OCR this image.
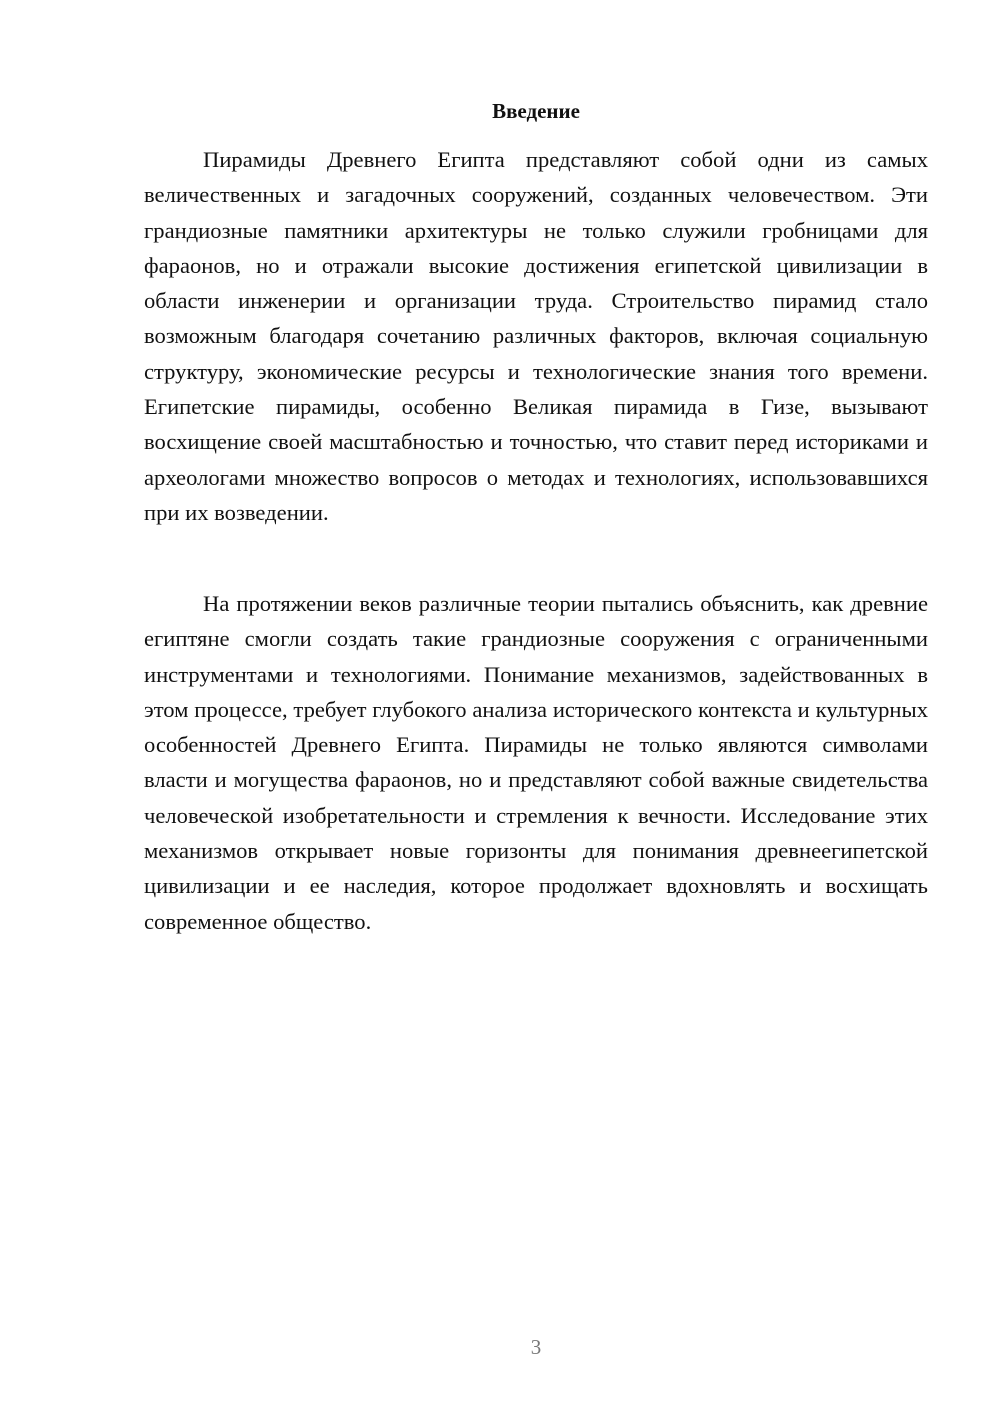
Введение

Пирамиды Древнего Египта представляют собой одни из самых величественных и загадочных сооружений, созданных человечеством. Эти грандиозные памятники архитектуры не только служили гробницами для фараонов, но и отражали высокие достижения египетской цивилизации в области инженерии и организации труда. Строительство пирамид стало возможным благодаря сочетанию различных факторов, включая социальную структуру, экономические ресурсы и технологические знания того времени. Египетские пирамиды, особенно Великая пирамида в Гизе, вызывают восхищение своей масштабностью и точностью, что ставит перед историками и археологами множество вопросов о методах и технологиях, использовавшихся при их возведении.

На протяжении веков различные теории пытались объяснить, как древние египтяне смогли создать такие грандиозные сооружения с ограниченными инструментами и технологиями. Понимание механизмов, задействованных в этом процессе, требует глубокого анализа исторического контекста и культурных особенностей Древнего Египта. Пирамиды не только являются символами власти и могущества фараонов, но и представляют собой важные свидетельства человеческой изобретательности и стремления к вечности. Исследование этих механизмов открывает новые горизонты для понимания древнеегипетской цивилизации и ее наследия, которое продолжает вдохновлять и восхищать современное общество.

3
